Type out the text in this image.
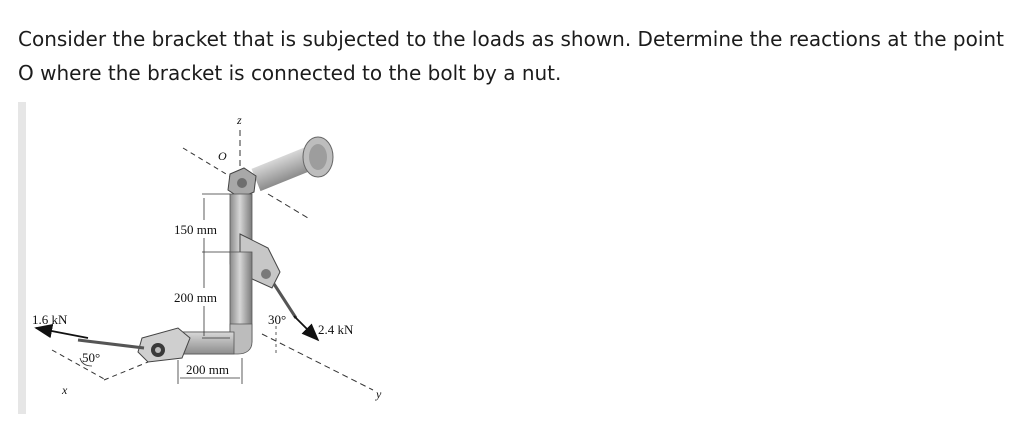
Consider the bracket that is subjected to the loads as shown. Determine the reactions at the point O where the bracket is connected to the bolt by a nut.

z
O
1.6 kN
50°
x
2.4 kN
30°
y
150 mm
200 mm
200 mm
